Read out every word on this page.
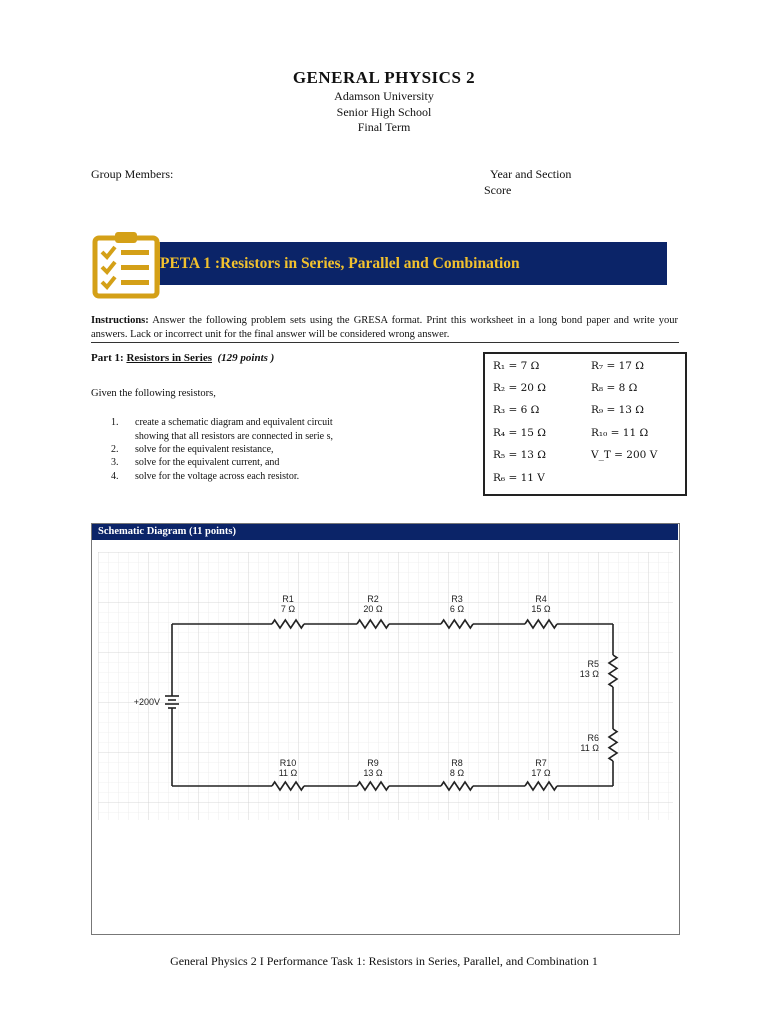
GENERAL PHYSICS 2
Adamson University
Senior High School
Final Term
Group Members:	Year and Section
Score
PETA 1 :Resistors in Series, Parallel and Combination
Instructions: Answer the following problem sets using the GRESA format. Print this worksheet in a long bond paper and write your answers. Lack or incorrect unit for the final answer will be considered wrong answer.
Part 1: Resistors in Series (129 points )
Given the following resistors,
1. create a schematic diagram and equivalent circuit
showing that all resistors are connected in serie s,
2. solve for the equivalent resistance,
3. solve for the equivalent current, and
4. solve for the voltage across each resistor.
R₁ = 7 Ω	R₇ = 17 Ω
R₂ = 20 Ω	R₈ = 8 Ω
R₃ = 6 Ω	R₉ = 13 Ω
R₄ = 15 Ω	R₁₀ = 11 Ω
R₅ = 13 Ω	V_T = 200 V
R₆ = 11 V
Schematic Diagram (11 points)
+200V
R1
7 Ω
R2
20 Ω
R3
6 Ω
R4
15 Ω
R10
11 Ω
R9
13 Ω
R8
8 Ω
R7
17 Ω
R5
13 Ω
R6
11 Ω
General Physics 2 I Performance Task 1: Resistors in Series, Parallel, and Combination 1
